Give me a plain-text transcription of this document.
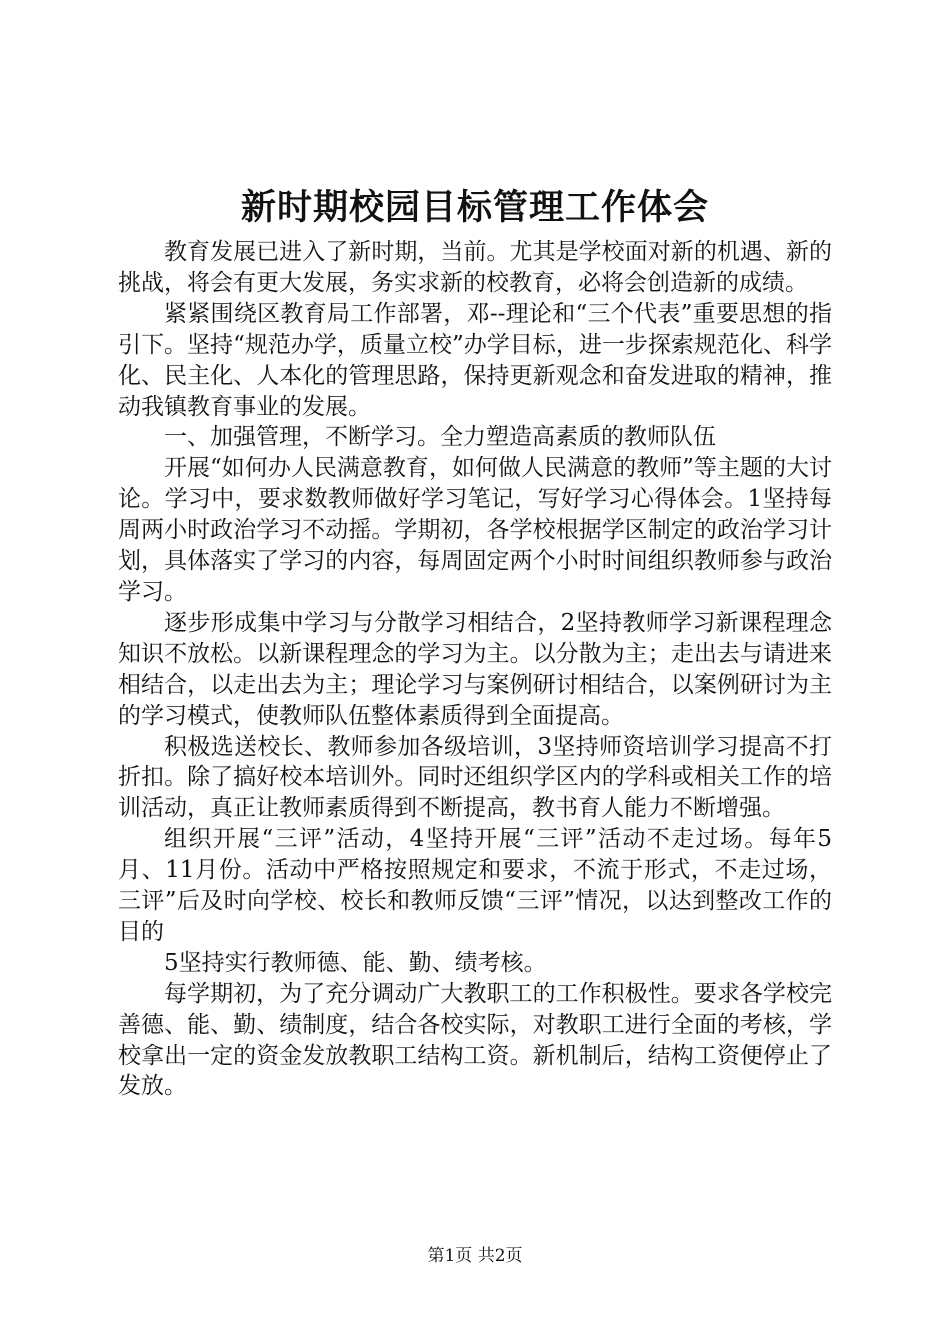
新时期校园目标管理工作体会

教育发展已进入了新时期，当前。尤其是学校面对新的机遇、新的挑战，将会有更大发展，务实求新的校教育，必将会创造新的成绩。

紧紧围绕区教育局工作部署，邓--理论和“三个代表”重要思想的指引下。坚持“规范办学，质量立校”办学目标，进一步探索规范化、科学化、民主化、人本化的管理思路，保持更新观念和奋发进取的精神，推动我镇教育事业的发展。

一、加强管理，不断学习。全力塑造高素质的教师队伍

开展“如何办人民满意教育，如何做人民满意的教师”等主题的大讨论。学习中，要求数教师做好学习笔记，写好学习心得体会。1坚持每周两小时政治学习不动摇。学期初，各学校根据学区制定的政治学习计划，具体落实了学习的内容，每周固定两个小时时间组织教师参与政治学习。

逐步形成集中学习与分散学习相结合，2坚持教师学习新课程理念知识不放松。以新课程理念的学习为主。以分散为主；走出去与请进来相结合，以走出去为主；理论学习与案例研讨相结合，以案例研讨为主的学习模式，使教师队伍整体素质得到全面提高。

积极选送校长、教师参加各级培训，3坚持师资培训学习提高不打折扣。除了搞好校本培训外。同时还组织学区内的学科或相关工作的培训活动，真正让教师素质得到不断提高，教书育人能力不断增强。

组织开展“三评”活动，4坚持开展“三评”活动不走过场。每年5月、11月份。活动中严格按照规定和要求，不流于形式，不走过场，三评”后及时向学校、校长和教师反馈“三评”情况，以达到整改工作的目的

5坚持实行教师德、能、勤、绩考核。

每学期初，为了充分调动广大教职工的工作积极性。要求各学校完善德、能、勤、绩制度，结合各校实际，对教职工进行全面的考核，学校拿出一定的资金发放教职工结构工资。新机制后，结构工资便停止了发放。

第1页 共2页
